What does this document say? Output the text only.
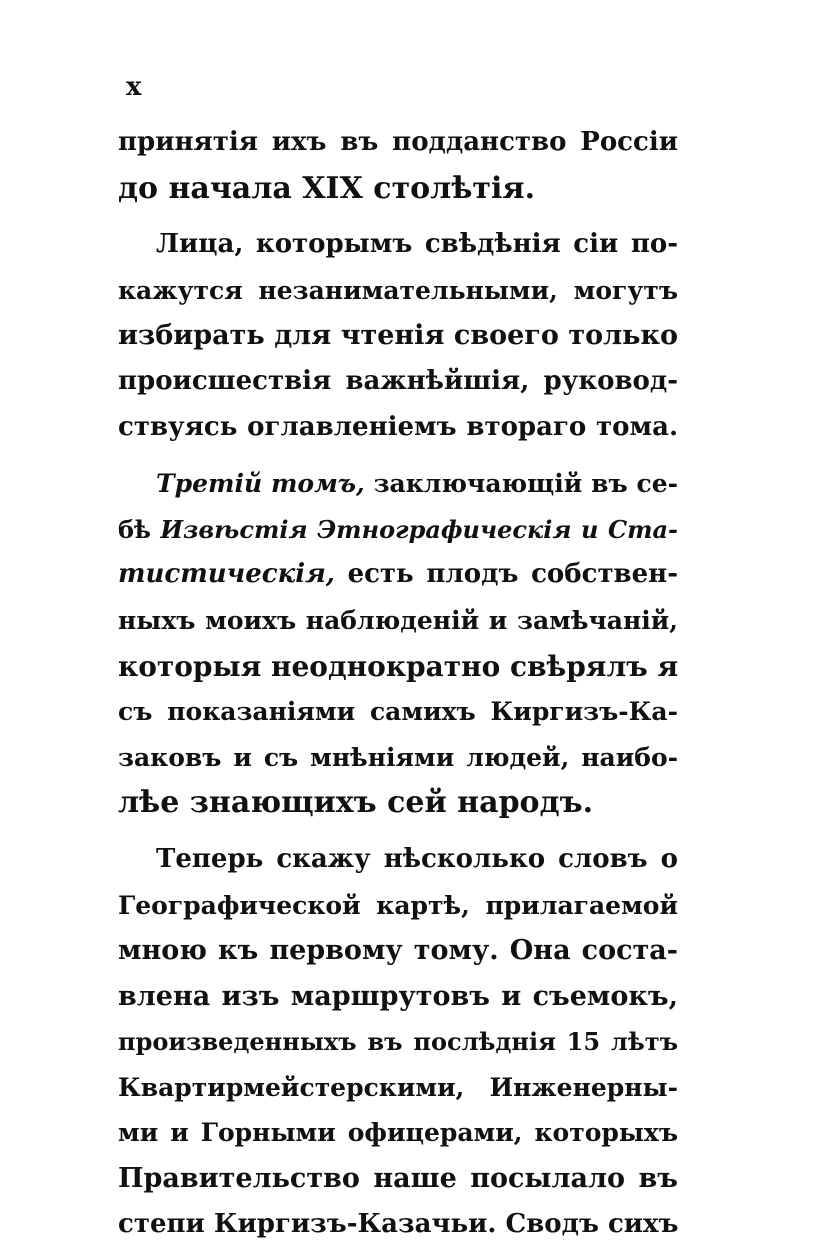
x
принятія ихъ въ подданство Россіи
до начала XIX столѣтія.
Лица, которымъ свѣдѣнія сіи по-
кажутся незанимательными, могутъ
избирать для чтенія своего только
происшествія важнѣйшія, руковод-
ствуясь оглавленіемъ втораго тома.
Третій томъ, заключающій въ се-
бѣ Извѣстія Этнографическія и Ста-
тистическія, есть плодъ собствен-
ныхъ моихъ наблюденій и замѣчаній,
которыя неоднократно свѣрялъ я
съ показаніями самихъ Киргизъ-Ка-
заковъ и съ мнѣніями людей, наибо-
лѣе знающихъ сей народъ.
Теперь скажу нѣсколько словъ о
Географической картѣ, прилагаемой
мною къ первому тому. Она соста-
влена изъ маршрутовъ и съемокъ,
произведенныхъ въ послѣднія 15 лѣтъ
Квартирмейстерскими, Инженерны-
ми и Горными офицерами, которыхъ
Правительство наше посылало въ
степи Киргизъ-Казачьи. Сводъ сихъ
